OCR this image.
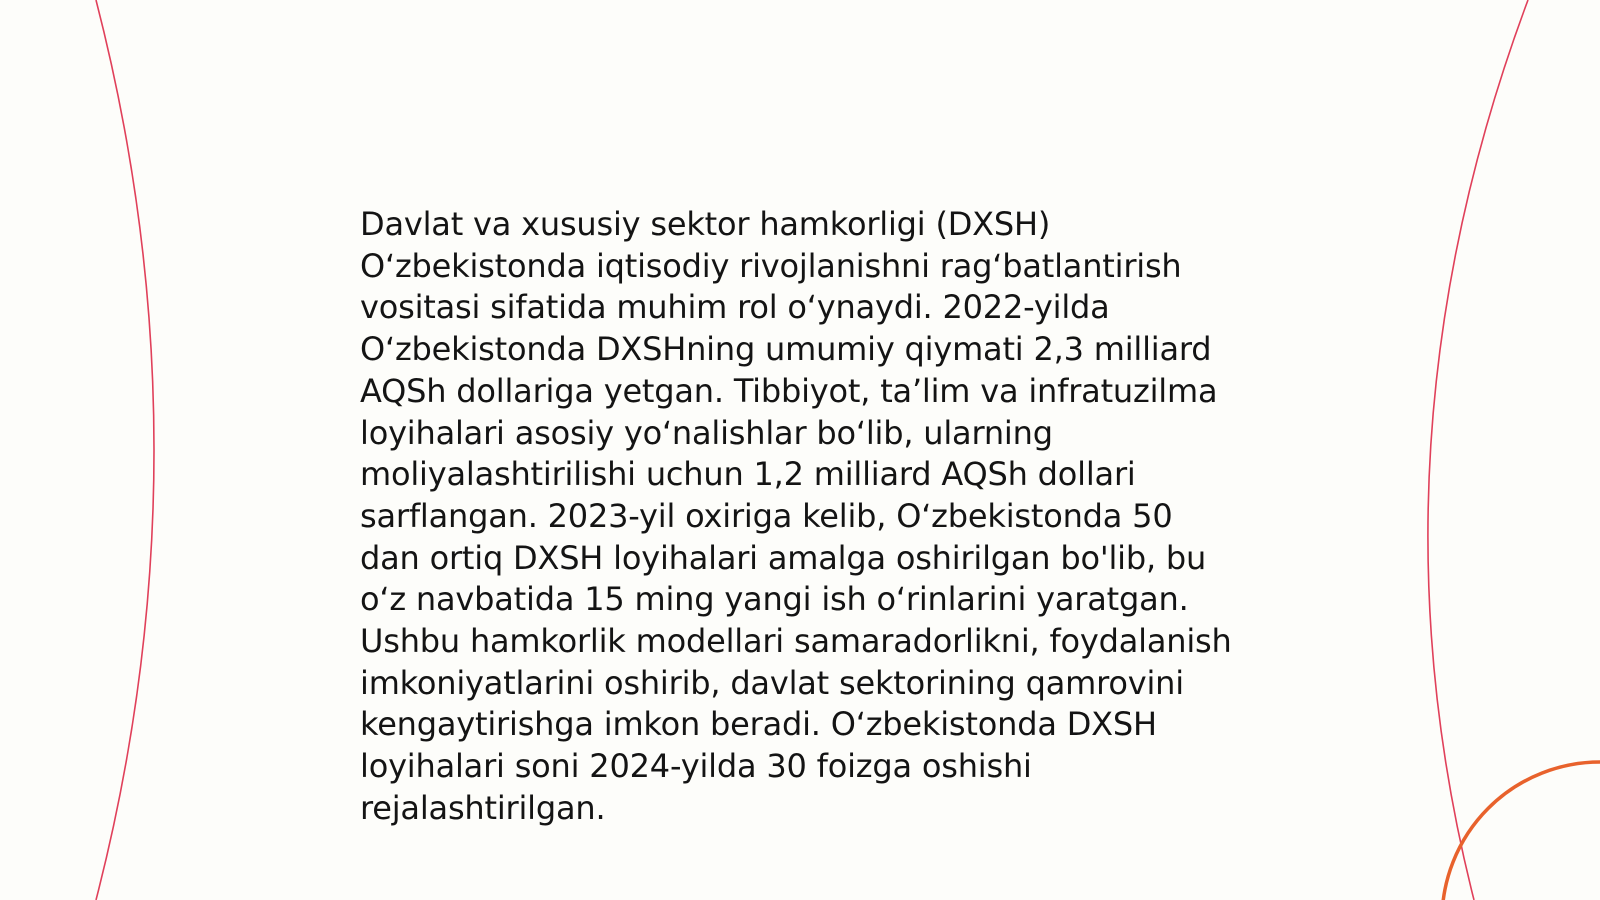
Davlat va xususiy sektor hamkorligi (DXSH) O‘zbekistonda iqtisodiy rivojlanishni rag‘batlantirish vositasi sifatida muhim rol o‘ynaydi. 2022-yilda O‘zbekistonda DXSHning umumiy qiymati 2,3 milliard AQSh dollariga yetgan. Tibbiyot, ta’lim va infratuzilma loyihalari asosiy yo‘nalishlar bo‘lib, ularning moliyalashtirilishi uchun 1,2 milliard AQSh dollari sarflangan. 2023-yil oxiriga kelib, O‘zbekistonda 50 dan ortiq DXSH loyihalari amalga oshirilgan bo'lib, bu o‘z navbatida 15 ming yangi ish o‘rinlarini yaratgan. Ushbu hamkorlik modellari samaradorlikni, foydalanish imkoniyatlarini oshirib, davlat sektorining qamrovini kengaytirishga imkon beradi. O‘zbekistonda DXSH loyihalari soni 2024-yilda 30 foizga oshishi rejalashtirilgan.
